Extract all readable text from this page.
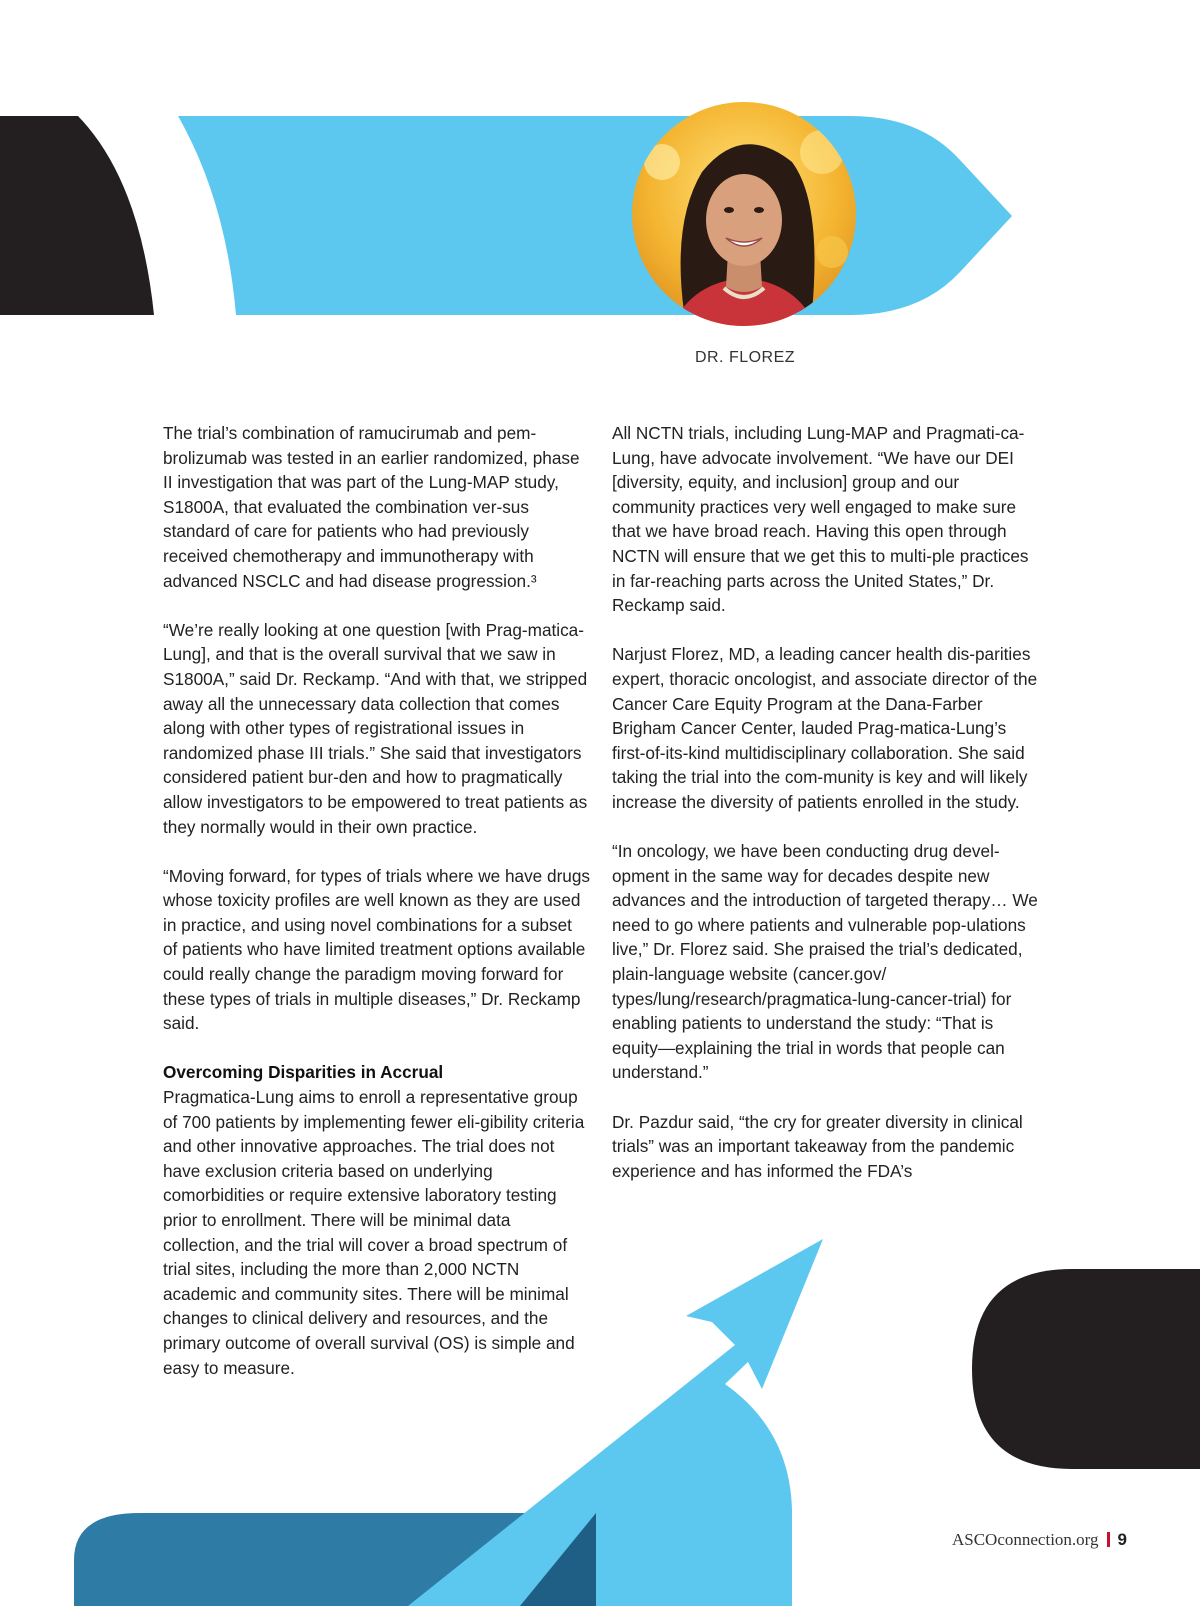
DR. FLOREZ

The trial’s combination of ramucirumab and pem-brolizumab was tested in an earlier randomized, phase II investigation that was part of the Lung-MAP study, S1800A, that evaluated the combination ver-sus standard of care for patients who had previously received chemotherapy and immunotherapy with advanced NSCLC and had disease progression.³

“We’re really looking at one question [with Prag-matica-Lung], and that is the overall survival that we saw in S1800A,” said Dr. Reckamp. “And with that, we stripped away all the unnecessary data collection that comes along with other types of registrational issues in randomized phase III trials.” She said that investigators considered patient bur-den and how to pragmatically allow investigators to be empowered to treat patients as they normally would in their own practice.

“Moving forward, for types of trials where we have drugs whose toxicity profiles are well known as they are used in practice, and using novel combinations for a subset of patients who have limited treatment options available could really change the paradigm moving forward for these types of trials in multiple diseases,” Dr. Reckamp said.

Overcoming Disparities in Accrual

Pragmatica-Lung aims to enroll a representative group of 700 patients by implementing fewer eli-gibility criteria and other innovative approaches. The trial does not have exclusion criteria based on underlying comorbidities or require extensive laboratory testing prior to enrollment. There will be minimal data collection, and the trial will cover a broad spectrum of trial sites, including the more than 2,000 NCTN academic and community sites. There will be minimal changes to clinical delivery and resources, and the primary outcome of overall survival (OS) is simple and easy to measure.

All NCTN trials, including Lung-MAP and Pragmati-ca-Lung, have advocate involvement. “We have our DEI [diversity, equity, and inclusion] group and our community practices very well engaged to make sure that we have broad reach. Having this open through NCTN will ensure that we get this to multi-ple practices in far-reaching parts across the United States,” Dr. Reckamp said.

Narjust Florez, MD, a leading cancer health dis-parities expert, thoracic oncologist, and associate director of the Cancer Care Equity Program at the Dana-Farber Brigham Cancer Center, lauded Prag-matica-Lung’s first-of-its-kind multidisciplinary collaboration. She said taking the trial into the com-munity is key and will likely increase the diversity of patients enrolled in the study.

“In oncology, we have been conducting drug devel-opment in the same way for decades despite new advances and the introduction of targeted therapy… We need to go where patients and vulnerable pop-ulations live,” Dr. Florez said. She praised the trial’s dedicated, plain-language website (cancer.gov/ types/lung/research/pragmatica-lung-cancer-trial) for enabling patients to understand the study: “That is equity—explaining the trial in words that people can understand.”

Dr. Pazdur said, “the cry for greater diversity in clinical trials” was an important takeaway from the pandemic experience and has informed the FDA’s

ASCOconnection.org 9
